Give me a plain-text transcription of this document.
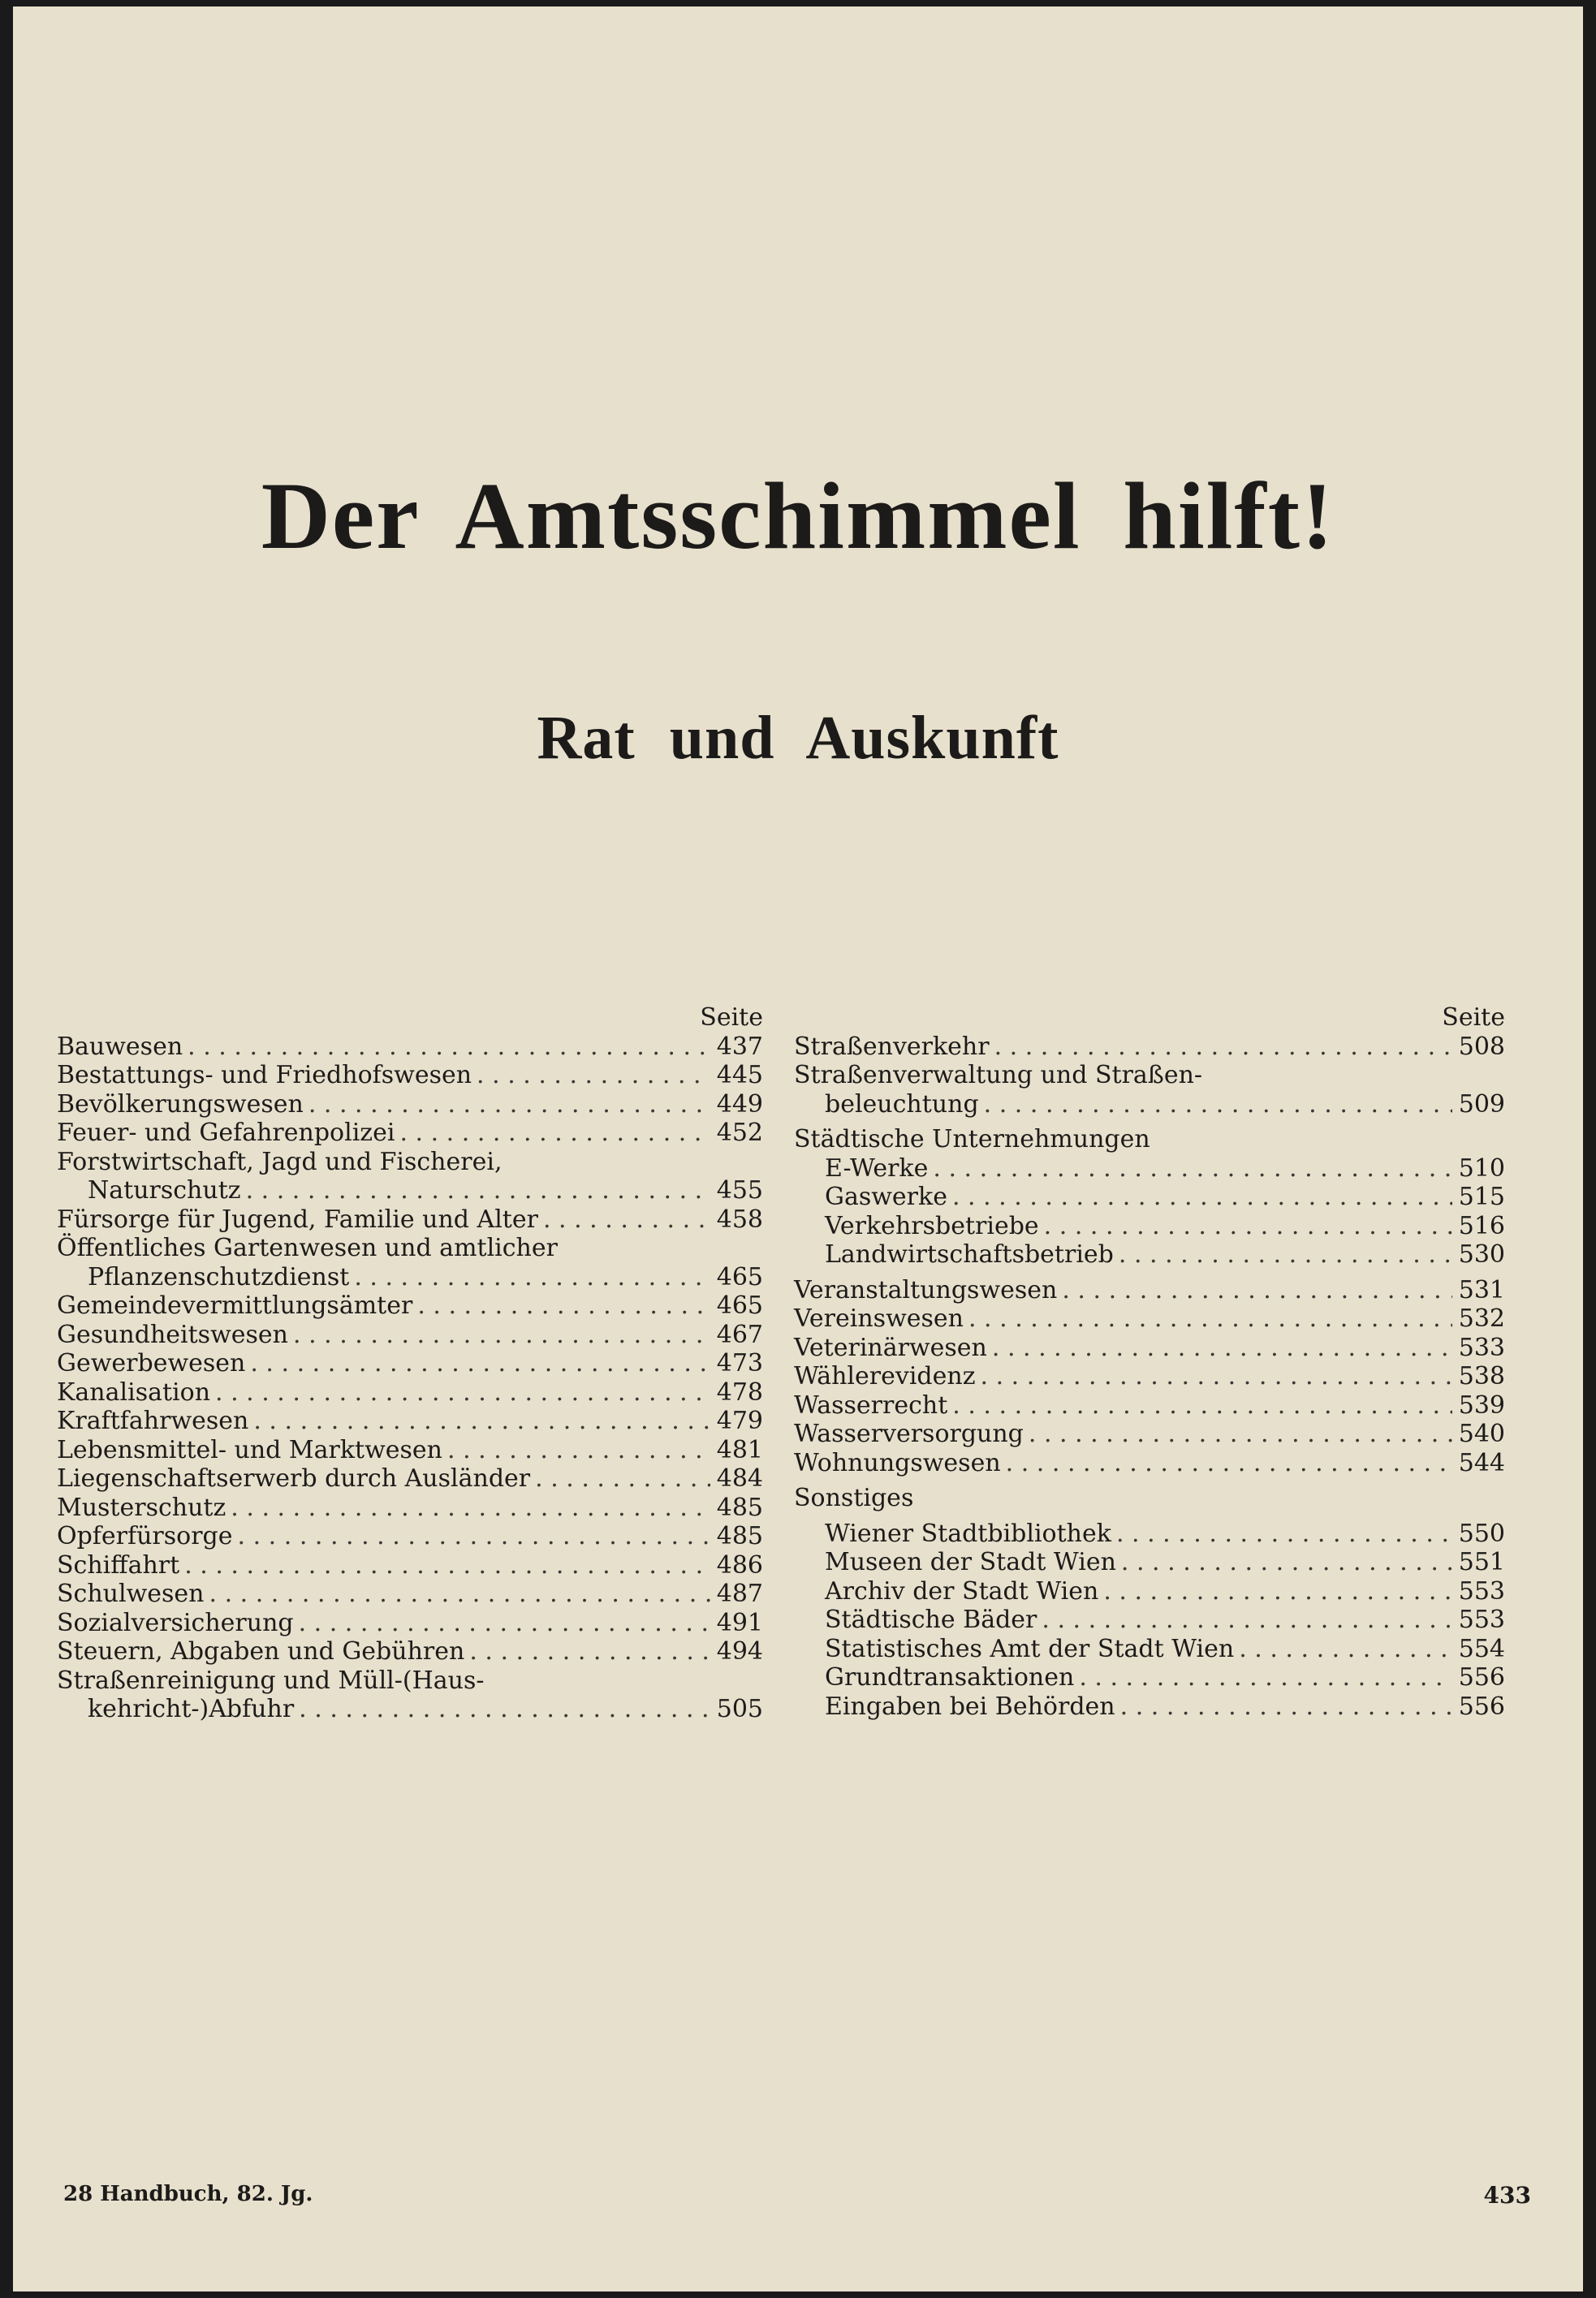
Der Amtsschimmel hilft!
Rat und Auskunft
Seite
Bauwesen . . .	437
Bestattungs- und Friedhofswesen . . .	445
Bevölkerungswesen . . .	449
Feuer- und Gefahrenpolizei . . .	452
Forstwirtschaft, Jagd und Fischerei,
Naturschutz . . .	455
Fürsorge für Jugend, Familie und Alter . . .	458
Öffentliches Gartenwesen und amtlicher
Pflanzenschutzdienst . . .	465
Gemeindevermittlungsämter . . .	465
Gesundheitswesen . . .	467
Gewerbewesen . . .	473
Kanalisation . . .	478
Kraftfahrwesen . . .	479
Lebensmittel- und Marktwesen . . .	481
Liegenschaftserwerb durch Ausländer . . .	484
Musterschutz . . .	485
Opferfürsorge . . .	485
Schiffahrt . . .	486
Schulwesen . . .	487
Sozialversicherung . . .	491
Steuern, Abgaben und Gebühren . . .	494
Straßenreinigung und Müll-(Haus-
kehricht-)Abfuhr . . .	505
Seite
Straßenverkehr . . .	508
Straßenverwaltung und Straßen-
beleuchtung . . .	509
Städtische Unternehmungen
E-Werke . . .	510
Gaswerke . . .	515
Verkehrsbetriebe . . .	516
Landwirtschaftsbetrieb . . .	530
Veranstaltungswesen . . .	531
Vereinswesen . . .	532
Veterinärwesen . . .	533
Wählerevidenz . . .	538
Wasserrecht . . .	539
Wasserversorgung . . .	540
Wohnungswesen . . .	544
Sonstiges
Wiener Stadtbibliothek . . .	550
Museen der Stadt Wien . . .	551
Archiv der Stadt Wien . . .	553
Städtische Bäder . . .	553
Statistisches Amt der Stadt Wien . . .	554
Grundtransaktionen . . .	556
Eingaben bei Behörden . . .	556
28 Handbuch, 82. Jg.	433
